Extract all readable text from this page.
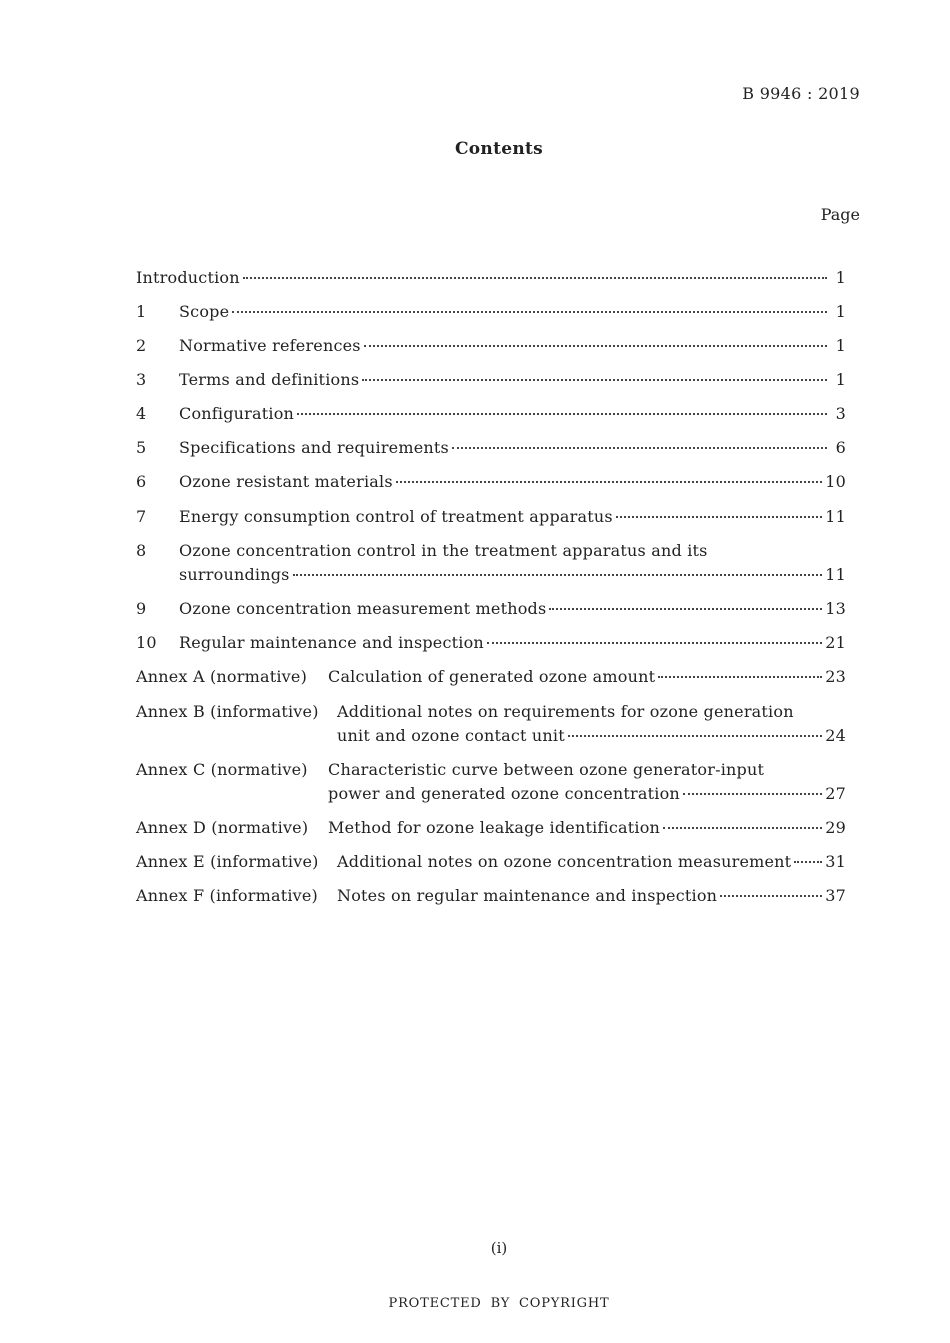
B 9946 : 2019
Contents
Page
Introduction	1
1	Scope	1
2	Normative references	1
3	Terms and definitions	1
4	Configuration	3
5	Specifications and requirements	6
6	Ozone resistant materials	10
7	Energy consumption control of treatment apparatus	11
8	Ozone concentration control in the treatment apparatus and its
surroundings	11
9	Ozone concentration measurement methods	13
10	Regular maintenance and inspection	21
Annex A (normative)	Calculation of generated ozone amount	23
Annex B (informative)	Additional notes on requirements for ozone generation
unit and ozone contact unit	24
Annex C (normative)	Characteristic curve between ozone generator-input
power and generated ozone concentration	27
Annex D (normative)	Method for ozone leakage identification	29
Annex E (informative)	Additional notes on ozone concentration measurement 31
Annex F (informative)	Notes on regular maintenance and inspection	37
(i)
PROTECTED BY COPYRIGHT
